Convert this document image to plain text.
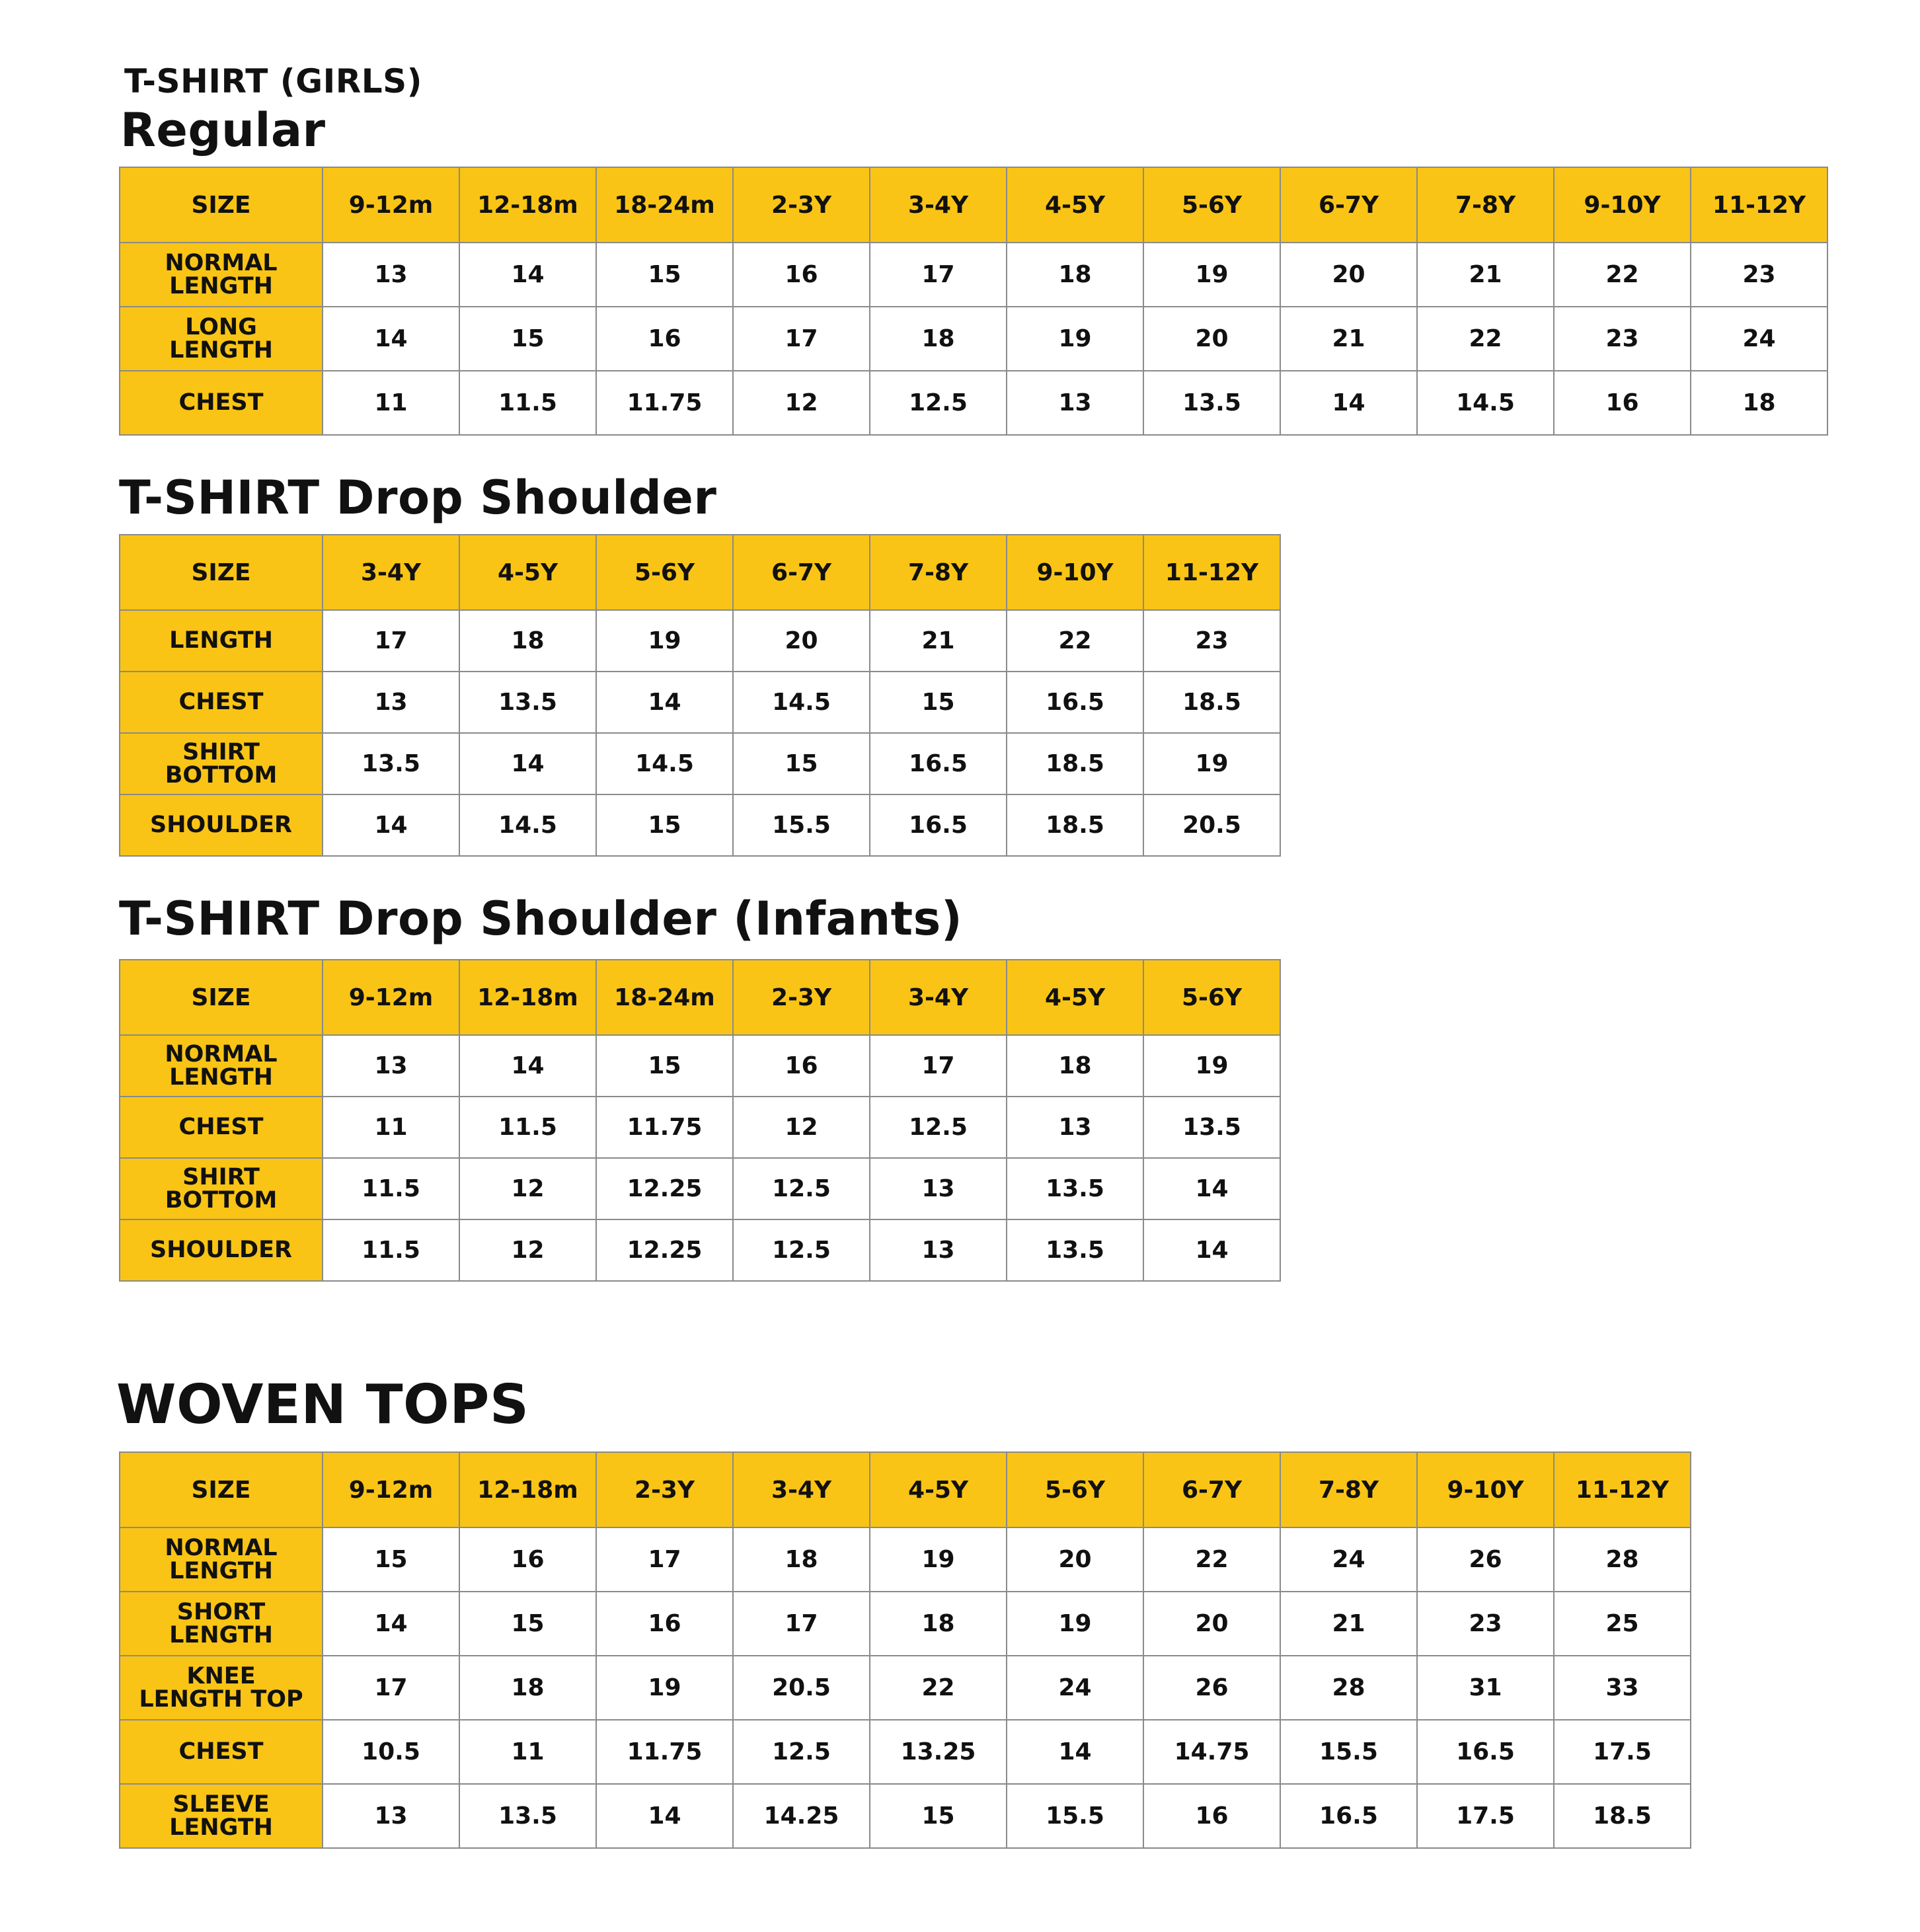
T-SHIRT (GIRLS)
Regular
SIZE	9-12m	12-18m	18-24m	2-3Y	3-4Y	4-5Y	5-6Y	6-7Y	7-8Y	9-10Y	11-12Y
NORMAL
LENGTH	13	14	15	16	17	18	19	20	21	22	23
LONG
LENGTH	14	15	16	17	18	19	20	21	22	23	24
CHEST	11	11.5	11.75	12	12.5	13	13.5	14	14.5	16	18
T-SHIRT Drop Shoulder
SIZE	3-4Y	4-5Y	5-6Y	6-7Y	7-8Y	9-10Y	11-12Y
LENGTH	17	18	19	20	21	22	23
CHEST	13	13.5	14	14.5	15	16.5	18.5
SHIRT
BOTTOM	13.5	14	14.5	15	16.5	18.5	19
SHOULDER	14	14.5	15	15.5	16.5	18.5	20.5
T-SHIRT Drop Shoulder (Infants)
SIZE	9-12m	12-18m	18-24m	2-3Y	3-4Y	4-5Y	5-6Y
NORMAL
LENGTH	13	14	15	16	17	18	19
CHEST	11	11.5	11.75	12	12.5	13	13.5
SHIRT
BOTTOM	11.5	12	12.25	12.5	13	13.5	14
SHOULDER	11.5	12	12.25	12.5	13	13.5	14
WOVEN TOPS
SIZE	9-12m	12-18m	2-3Y	3-4Y	4-5Y	5-6Y	6-7Y	7-8Y	9-10Y	11-12Y
NORMAL
LENGTH	15	16	17	18	19	20	22	24	26	28
SHORT
LENGTH	14	15	16	17	18	19	20	21	23	25
KNEE
LENGTH TOP	17	18	19	20.5	22	24	26	28	31	33
CHEST	10.5	11	11.75	12.5	13.25	14	14.75	15.5	16.5	17.5
SLEEVE
LENGTH	13	13.5	14	14.25	15	15.5	16	16.5	17.5	18.5
